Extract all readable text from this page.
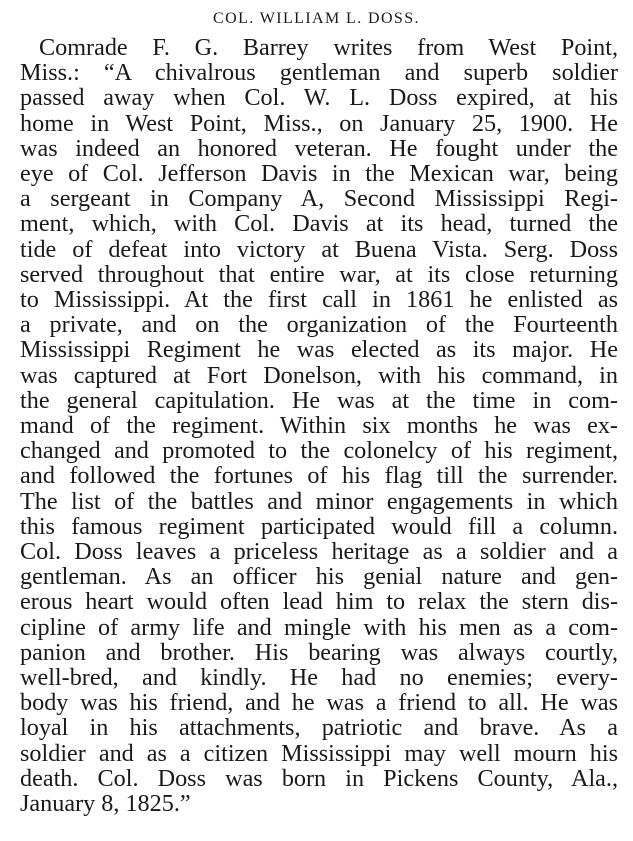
COL. WILLIAM L. DOSS.
Comrade F. G. Barrey writes from West Point,
Miss.: “A chivalrous gentleman and superb soldier
passed away when Col. W. L. Doss expired, at his
home in West Point, Miss., on January 25, 1900. He
was indeed an honored veteran. He fought under the
eye of Col. Jefferson Davis in the Mexican war, being
a sergeant in Company A, Second Mississippi Regi-
ment, which, with Col. Davis at its head, turned the
tide of defeat into victory at Buena Vista. Serg. Doss
served throughout that entire war, at its close returning
to Mississippi. At the first call in 1861 he enlisted as
a private, and on the organization of the Fourteenth
Mississippi Regiment he was elected as its major. He
was captured at Fort Donelson, with his command, in
the general capitulation. He was at the time in com-
mand of the regiment. Within six months he was ex-
changed and promoted to the colonelcy of his regiment,
and followed the fortunes of his flag till the surrender.
The list of the battles and minor engagements in which
this famous regiment participated would fill a column.
Col. Doss leaves a priceless heritage as a soldier and a
gentleman. As an officer his genial nature and gen-
erous heart would often lead him to relax the stern dis-
cipline of army life and mingle with his men as a com-
panion and brother. His bearing was always courtly,
well-bred, and kindly. He had no enemies; every-
body was his friend, and he was a friend to all. He was
loyal in his attachments, patriotic and brave. As a
soldier and as a citizen Mississippi may well mourn his
death. Col. Doss was born in Pickens County, Ala.,
January 8, 1825.”
